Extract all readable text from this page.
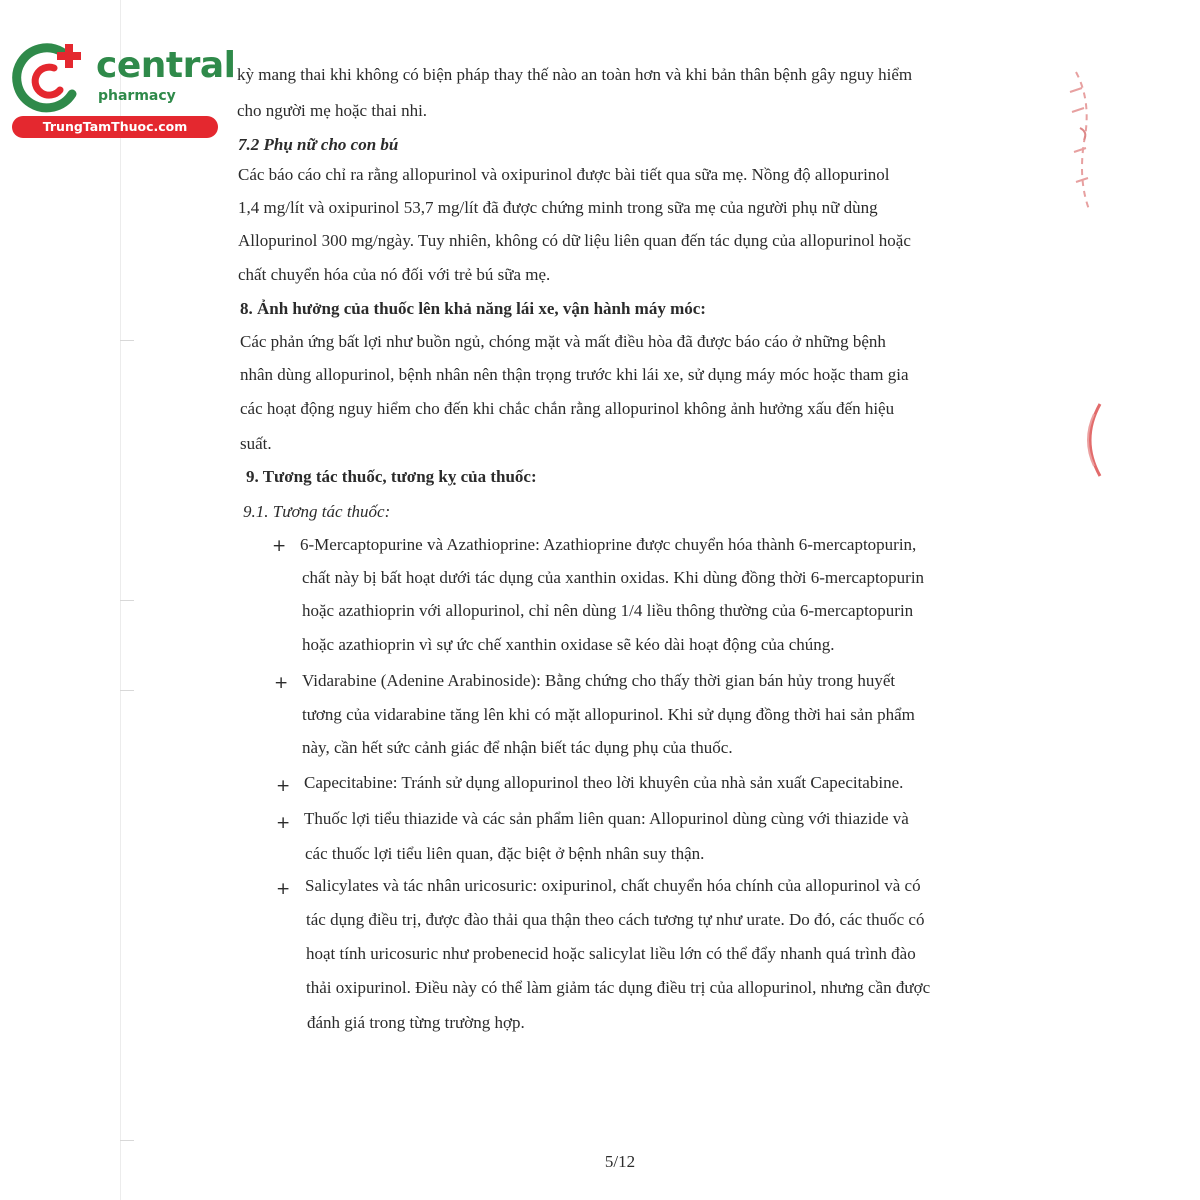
central
pharmacy
TrungTamThuoc.com
kỳ mang thai khi không có biện pháp thay thế nào an toàn hơn và khi bản thân bệnh gây nguy hiểm
cho người mẹ hoặc thai nhi.
7.2 Phụ nữ cho con bú
Các báo cáo chỉ ra rằng allopurinol và oxipurinol được bài tiết qua sữa mẹ. Nồng độ allopurinol
1,4 mg/lít và oxipurinol 53,7 mg/lít đã được chứng minh trong sữa mẹ của người phụ nữ dùng
Allopurinol 300 mg/ngày. Tuy nhiên, không có dữ liệu liên quan đến tác dụng của allopurinol hoặc
chất chuyển hóa của nó đối với trẻ bú sữa mẹ.
8. Ảnh hưởng của thuốc lên khả năng lái xe, vận hành máy móc:
Các phản ứng bất lợi như buồn ngủ, chóng mặt và mất điều hòa đã được báo cáo ở những bệnh
nhân dùng allopurinol, bệnh nhân nên thận trọng trước khi lái xe, sử dụng máy móc hoặc tham gia
các hoạt động nguy hiểm cho đến khi chắc chắn rằng allopurinol không ảnh hưởng xấu đến hiệu
suất.
9. Tương tác thuốc, tương kỵ của thuốc:
9.1. Tương tác thuốc:
+ 6-Mercaptopurine và Azathioprine: Azathioprine được chuyển hóa thành 6-mercaptopurin,
chất này bị bất hoạt dưới tác dụng của xanthin oxidas. Khi dùng đồng thời 6-mercaptopurin
hoặc azathioprin với allopurinol, chỉ nên dùng 1/4 liều thông thường của 6-mercaptopurin
hoặc azathioprin vì sự ức chế xanthin oxidase sẽ kéo dài hoạt động của chúng.
+ Vidarabine (Adenine Arabinoside): Bằng chứng cho thấy thời gian bán hủy trong huyết
tương của vidarabine tăng lên khi có mặt allopurinol. Khi sử dụng đồng thời hai sản phẩm
này, cần hết sức cảnh giác để nhận biết tác dụng phụ của thuốc.
+ Capecitabine: Tránh sử dụng allopurinol theo lời khuyên của nhà sản xuất Capecitabine.
+ Thuốc lợi tiểu thiazide và các sản phẩm liên quan: Allopurinol dùng cùng với thiazide và
các thuốc lợi tiểu liên quan, đặc biệt ở bệnh nhân suy thận.
+ Salicylates và tác nhân uricosuric: oxipurinol, chất chuyển hóa chính của allopurinol và có
tác dụng điều trị, được đào thải qua thận theo cách tương tự như urate. Do đó, các thuốc có
hoạt tính uricosuric như probenecid hoặc salicylat liều lớn có thể đẩy nhanh quá trình đào
thải oxipurinol. Điều này có thể làm giảm tác dụng điều trị của allopurinol, nhưng cần được
đánh giá trong từng trường hợp.
5/12
